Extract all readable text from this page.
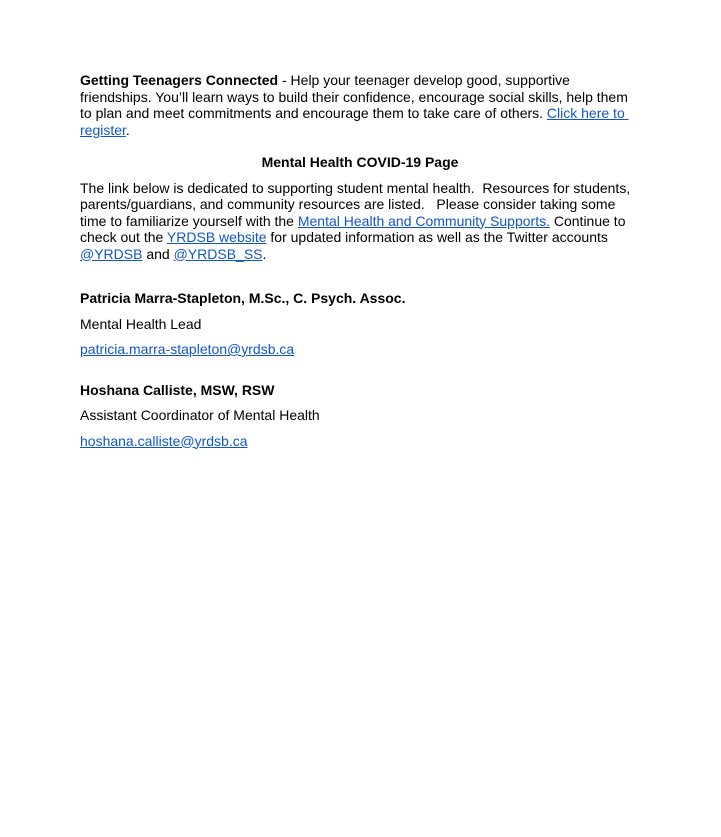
Getting Teenagers Connected - Help your teenager develop good, supportive friendships. You’ll learn ways to build their confidence, encourage social skills, help them to plan and meet commitments and encourage them to take care of others. Click here to register.

Mental Health COVID-19 Page

The link below is dedicated to supporting student mental health.  Resources for students, parents/guardians, and community resources are listed.   Please consider taking some time to familiarize yourself with the Mental Health and Community Supports. Continue to check out the YRDSB website for updated information as well as the Twitter accounts @YRDSB and @YRDSB_SS.

Patricia Marra-Stapleton, M.Sc., C. Psych. Assoc.

Mental Health Lead

patricia.marra-stapleton@yrdsb.ca

Hoshana Calliste, MSW, RSW

Assistant Coordinator of Mental Health

hoshana.calliste@yrdsb.ca
